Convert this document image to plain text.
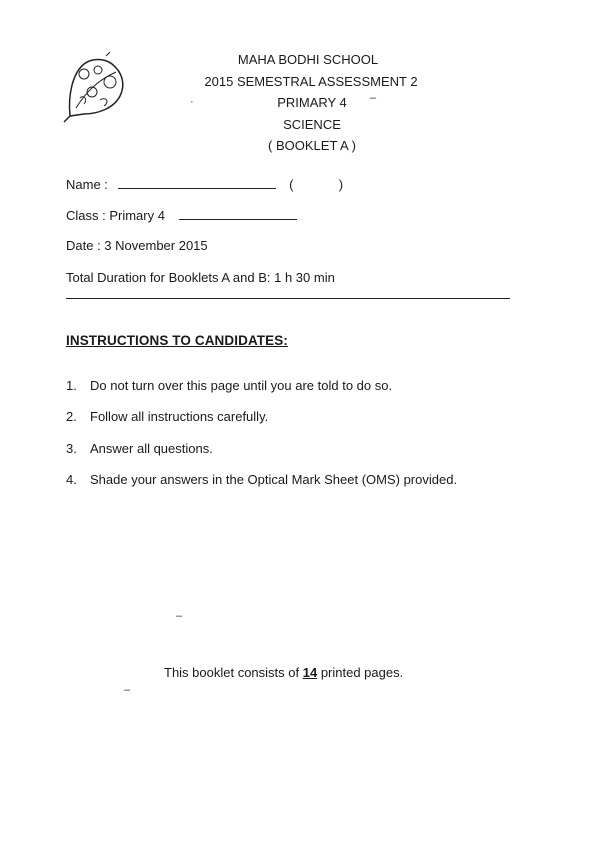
MAHA BODHI SCHOOL
2015 SEMESTRAL ASSESSMENT 2
PRIMARY 4
SCIENCE
( BOOKLET A )
–
·
Name :	(	)
Class : Primary 4
Date : 3 November 2015
Total Duration for Booklets A and B: 1 h 30 min
INSTRUCTIONS TO CANDIDATES:
1. Do not turn over this page until you are told to do so.
2. Follow all instructions carefully.
3. Answer all questions.
4. Shade your answers in the Optical Mark Sheet (OMS) provided.
–
–
This booklet consists of 14 printed pages.
